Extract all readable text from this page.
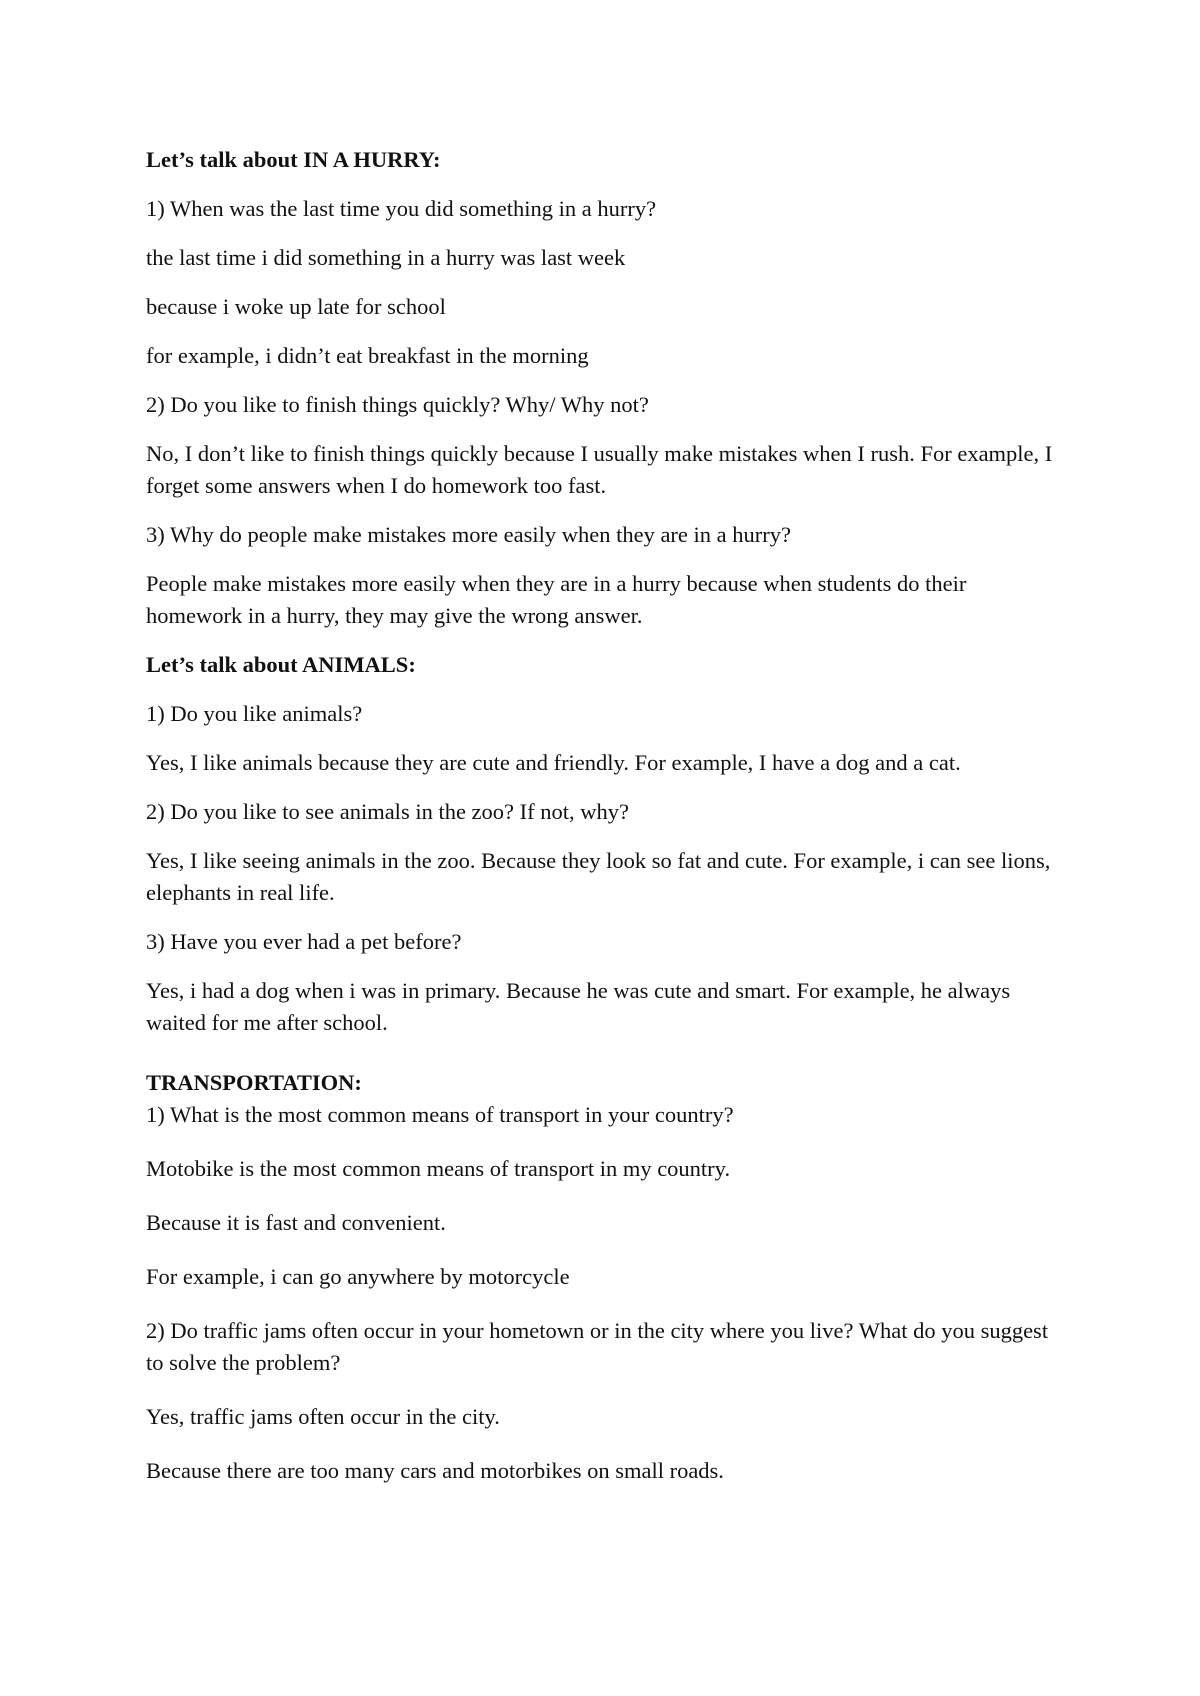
Let’s talk about IN A HURRY:

1) When was the last time you did something in a hurry?

the last time i did something in a hurry was last week

because i woke up late for school

for example, i didn’t eat breakfast in the morning

2) Do you like to finish things quickly? Why/ Why not?

No, I don’t like to finish things quickly because I usually make mistakes when I rush. For example, I forget some answers when I do homework too fast.

3) Why do people make mistakes more easily when they are in a hurry?

People make mistakes more easily when they are in a hurry because when students do their homework in a hurry, they may give the wrong answer.

Let’s talk about ANIMALS:

1) Do you like animals?

Yes, I like animals because they are cute and friendly. For example, I have a dog and a cat.

2) Do you like to see animals in the zoo? If not, why?

Yes, I like seeing animals in the zoo. Because they look so fat and cute. For example, i can see lions, elephants in real life.

3) Have you ever had a pet before?

Yes, i had a dog when i was in primary. Because he was cute and smart. For example, he always waited for me after school.

TRANSPORTATION:

1) What is the most common means of transport in your country?

Motobike is the most common means of transport in my country.

Because it is fast and convenient.

For example, i can go anywhere by motorcycle

2) Do traffic jams often occur in your hometown or in the city where you live? What do you suggest to solve the problem?

Yes, traffic jams often occur in the city.

Because there are too many cars and motorbikes on small roads.
